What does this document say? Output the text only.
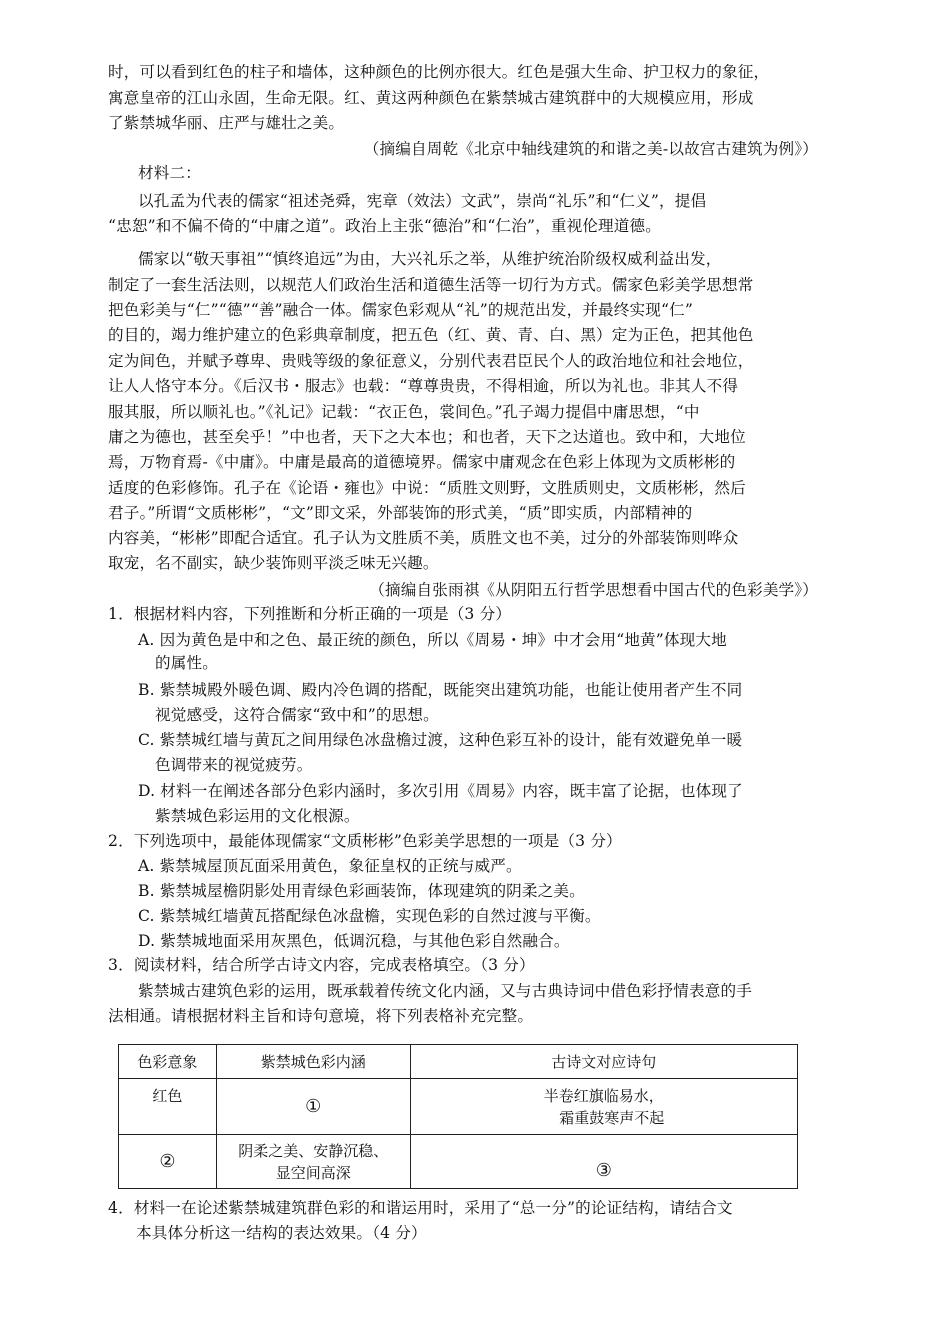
时，可以看到红色的柱子和墙体，这种颜色的比例亦很大。红色是强大生命、护卫权力的象征，
寓意皇帝的江山永固，生命无限。红、黄这两种颜色在紫禁城古建筑群中的大规模应用，形成
了紫禁城华丽、庄严与雄壮之美。
（摘编自周乾《北京中轴线建筑的和谐之美-以故宫古建筑为例》）
材料二：
以孔孟为代表的儒家“祖述尧舜，宪章（效法）文武”，崇尚“礼乐”和“仁义”，提倡
“忠恕”和不偏不倚的“中庸之道”。政治上主张“德治”和“仁治”，重视伦理道德。
儒家以“敬天事祖”“慎终追远”为由，大兴礼乐之举，从维护统治阶级权威利益出发，
制定了一套生活法则，以规范人们政治生活和道德生活等一切行为方式。儒家色彩美学思想常
把色彩美与“仁”“德”“善”融合一体。儒家色彩观从“礼”的规范出发，并最终实现“仁”
的目的，竭力维护建立的色彩典章制度，把五色（红、黄、青、白、黑）定为正色，把其他色
定为间色，并赋予尊卑、贵贱等级的象征意义，分别代表君臣民个人的政治地位和社会地位，
让人人恪守本分。《后汉书・服志》也载：“尊尊贵贵，不得相逾，所以为礼也。非其人不得
服其服，所以顺礼也。”《礼记》记载：“衣正色，裳间色。”孔子竭力提倡中庸思想，“中
庸之为德也，甚至矣乎！”中也者，天下之大本也；和也者，天下之达道也。致中和，大地位
焉，万物育焉-《中庸》。中庸是最高的道德境界。儒家中庸观念在色彩上体现为文质彬彬的
适度的色彩修饰。孔子在《论语・雍也》中说：“质胜文则野，文胜质则史，文质彬彬，然后
君子。”所谓“文质彬彬”，“文”即文采，外部装饰的形式美，“质”即实质，内部精神的
内容美，“彬彬”即配合适宜。孔子认为文胜质不美，质胜文也不美，过分的外部装饰则哗众
取宠，名不副实，缺少装饰则平淡乏味无兴趣。
（摘编自张雨祺《从阴阳五行哲学思想看中国古代的色彩美学》）
1．根据材料内容，下列推断和分析正确的一项是（3 分）
A. 因为黄色是中和之色、最正统的颜色，所以《周易・坤》中才会用“地黄”体现大地
的属性。
B. 紫禁城殿外暖色调、殿内冷色调的搭配，既能突出建筑功能，也能让使用者产生不同
视觉感受，这符合儒家“致中和”的思想。
C. 紫禁城红墙与黄瓦之间用绿色冰盘檐过渡，这种色彩互补的设计，能有效避免单一暖
色调带来的视觉疲劳。
D. 材料一在阐述各部分色彩内涵时，多次引用《周易》内容，既丰富了论据，也体现了
紫禁城色彩运用的文化根源。
2．下列选项中，最能体现儒家“文质彬彬”色彩美学思想的一项是（3 分）
A. 紫禁城屋顶瓦面采用黄色，象征皇权的正统与威严。
B. 紫禁城屋檐阴影处用青绿色彩画装饰，体现建筑的阴柔之美。
C. 紫禁城红墙黄瓦搭配绿色冰盘檐，实现色彩的自然过渡与平衡。
D. 紫禁城地面采用灰黑色，低调沉稳，与其他色彩自然融合。
3．阅读材料，结合所学古诗文内容，完成表格填空。（3 分）
紫禁城古建筑色彩的运用，既承载着传统文化内涵，又与古典诗词中借色彩抒情表意的手
法相通。请根据材料主旨和诗句意境，将下列表格补充完整。
色彩意象	紫禁城色彩内涵	古诗文对应诗句
红色	①	半卷红旗临易水，
霜重鼓寒声不起

②	阴柔之美、安静沉稳、
显空间高深	③
4．材料一在论述紫禁城建筑群色彩的和谐运用时，采用了“总一分”的论证结构，请结合文
本具体分析这一结构的表达效果。（4 分）
